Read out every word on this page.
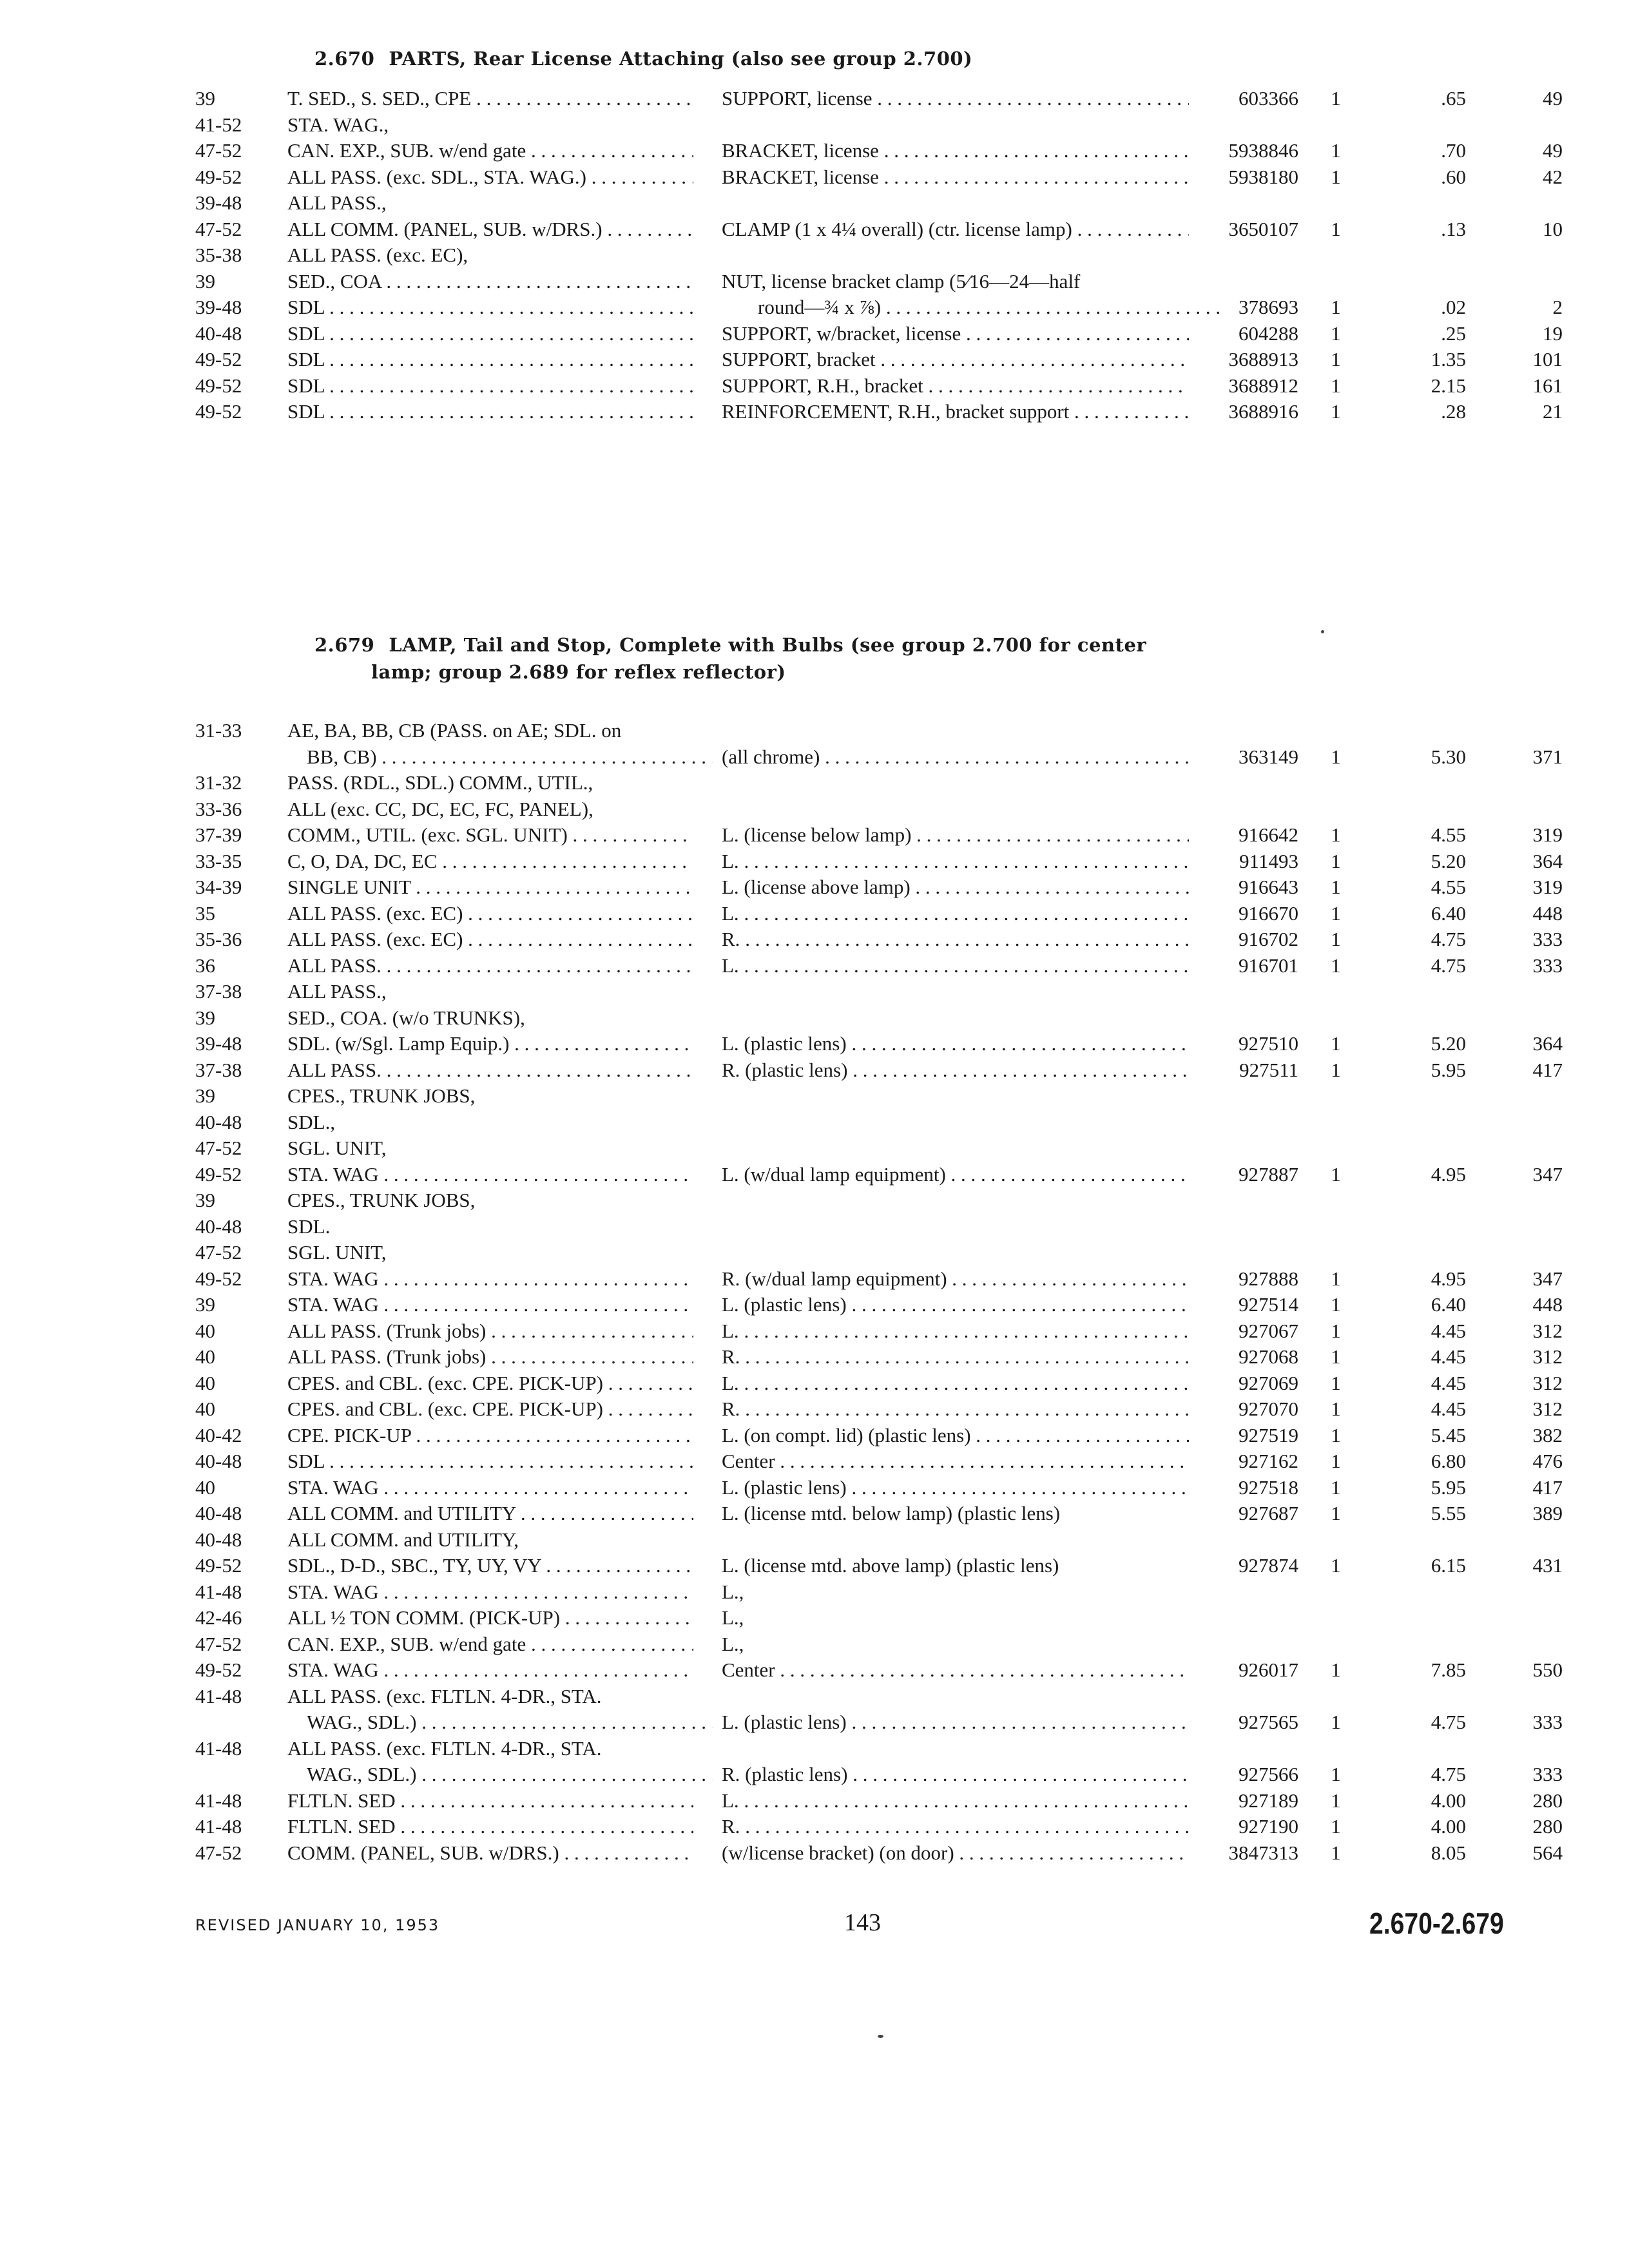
2.670 PARTS, Rear License Attaching (also see group 2.700)
39	T. SED., S. SED., CPE . . .	SUPPORT, license . . .	603366 1	.65	49
41-52	STA. WAG.,
47-52	CAN. EXP., SUB. w/end gate . . .	BRACKET, license . . .	5938846 1	.70	49
49-52	ALL PASS. (exc. SDL., STA. WAG.) . . .	BRACKET, license . . .	5938180 1	.60	42
39-48	ALL PASS.,
47-52	ALL COMM. (PANEL, SUB. w/DRS.) . . .	CLAMP (1 x 4¼ overall) (ctr. license lamp) . . .	3650107 1	.13	10
35-38	ALL PASS. (exc. EC),
39	SED., COA . . .	NUT, license bracket clamp (5⁄16—24—half
39-48	SDL . . .	round—¾ x ⅞) . . .	378693 1	.02	2
40-48	SDL . . .	SUPPORT, w/bracket, license . . .	604288 1	.25	19
49-52	SDL . . .	SUPPORT, bracket . . .	3688913 1	1.35	101
49-52	SDL . . .	SUPPORT, R.H., bracket . . .	3688912 1	2.15	161
49-52	SDL . . .	REINFORCEMENT, R.H., bracket support . . .	3688916 1	.28	21
2.679 LAMP, Tail and Stop, Complete with Bulbs (see group 2.700 for center
lamp; group 2.689 for reflex reflector)
31-33	AE, BA, BB, CB (PASS. on AE; SDL. on
BB, CB) . . .	(all chrome) . . .	363149 1	5.30	371
31-32	PASS. (RDL., SDL.) COMM., UTIL.,
33-36	ALL (exc. CC, DC, EC, FC, PANEL),
37-39	COMM., UTIL. (exc. SGL. UNIT) . . .	L. (license below lamp) . . .	916642 1	4.55	319
33-35	C, O, DA, DC, EC . . .	L. . . .	911493 1	5.20	364
34-39	SINGLE UNIT . . .	L. (license above lamp) . . .	916643 1	4.55	319
35	ALL PASS. (exc. EC) . . .	L. . . .	916670 1	6.40	448
35-36	ALL PASS. (exc. EC) . . .	R. . . .	916702 1	4.75	333
36	ALL PASS. . . .	L. . . .	916701 1	4.75	333
37-38	ALL PASS.,
39	SED., COA. (w/o TRUNKS),
39-48	SDL. (w/Sgl. Lamp Equip.) . . .	L. (plastic lens) . . .	927510 1	5.20	364
37-38	ALL PASS. . . .	R. (plastic lens) . . .	927511 1	5.95	417
39	CPES., TRUNK JOBS,
40-48	SDL.,
47-52	SGL. UNIT,
49-52	STA. WAG . . .	L. (w/dual lamp equipment) . . .	927887 1	4.95	347
39	CPES., TRUNK JOBS,
40-48	SDL.
47-52	SGL. UNIT,
49-52	STA. WAG . . .	R. (w/dual lamp equipment) . . .	927888 1	4.95	347
39	STA. WAG . . .	L. (plastic lens) . . .	927514 1	6.40	448
40	ALL PASS. (Trunk jobs) . . .	L. . . .	927067 1	4.45	312
40	ALL PASS. (Trunk jobs) . . .	R. . . .	927068 1	4.45	312
40	CPES. and CBL. (exc. CPE. PICK-UP) . . .	L. . . .	927069 1	4.45	312
40	CPES. and CBL. (exc. CPE. PICK-UP) . . .	R. . . .	927070 1	4.45	312
40-42	CPE. PICK-UP . . .	L. (on compt. lid) (plastic lens) . . .	927519 1	5.45	382
40-48	SDL . . .	Center . . .	927162 1	6.80	476
40	STA. WAG . . .	L. (plastic lens) . . .	927518 1	5.95	417
40-48	ALL COMM. and UTILITY . . .	L. (license mtd. below lamp) (plastic lens)	927687 1	5.55	389
40-48	ALL COMM. and UTILITY,
49-52	SDL., D-D., SBC., TY, UY, VY . . .	L. (license mtd. above lamp) (plastic lens)	927874 1	6.15	431
41-48	STA. WAG . . .	L.,
42-46	ALL ½ TON COMM. (PICK-UP) . . .	L.,
47-52	CAN. EXP., SUB. w/end gate . . .	L.,
49-52	STA. WAG . . .	Center . . .	926017 1	7.85	550
41-48	ALL PASS. (exc. FLTLN. 4-DR., STA.
WAG., SDL.) . . .	L. (plastic lens) . . .	927565 1	4.75	333
41-48	ALL PASS. (exc. FLTLN. 4-DR., STA.
WAG., SDL.) . . .	R. (plastic lens) . . .	927566 1	4.75	333
41-48	FLTLN. SED . . .	L. . . .	927189 1	4.00	280
41-48	FLTLN. SED . . .	R. . . .	927190 1	4.00	280
47-52	COMM. (PANEL, SUB. w/DRS.) . . .	(w/license bracket) (on door) . . .	3847313 1	8.05	564
REVISED JANUARY 10, 1953	143	2.670-2.679
